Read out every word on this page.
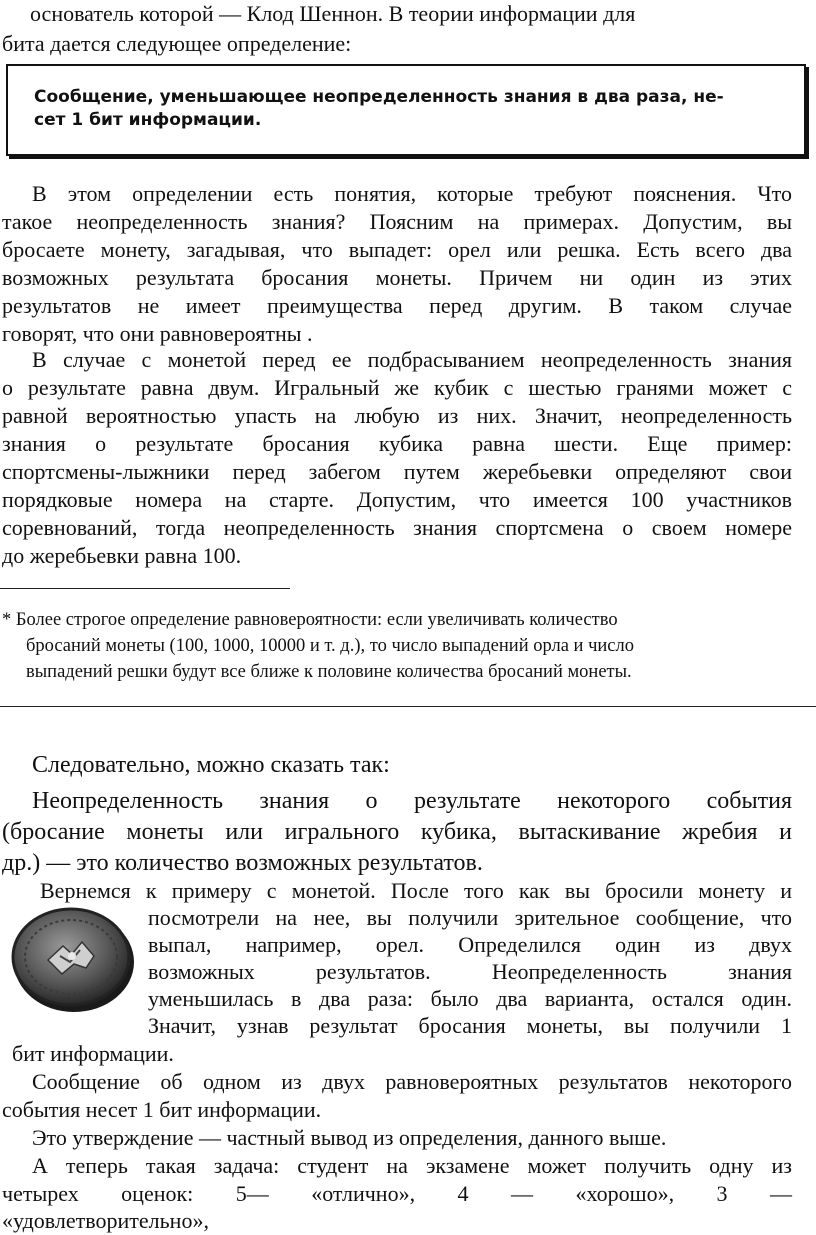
основатель которой — Клод Шеннон. В теории информации для
бита дается следующее определение:
Сообщение, уменьшающее неопределенность знания в два раза, не-
сет 1 бит информации.
В этом определении есть понятия, которые требуют пояснения. Что
такое неопределенность знания? Поясним на примерах. Допустим, вы
бросаете монету, загадывая, что выпадет: орел или решка. Есть всего два
возможных результата бросания монеты. Причем ни один из этих
результатов не имеет преимущества перед другим. В таком случае
говорят, что они равновероятны .
В случае с монетой перед ее подбрасыванием неопределенность знания
о результате равна двум. Игральный же кубик с шестью гранями может с
равной вероятностью упасть на любую из них. Значит, неопределенность
знания о результате бросания кубика равна шести. Еще пример:
спортсмены-лыжники перед забегом путем жеребьевки определяют свои
порядковые номера на старте. Допустим, что имеется 100 участников
соревнований, тогда неопределенность знания спортсмена о своем номере
до жеребьевки равна 100.
* Более строгое определение равновероятности: если увеличивать количество
бросаний монеты (100, 1000, 10000 и т. д.), то число выпадений орла и число
выпадений решки будут все ближе к половине количества бросаний монеты.
Следовательно, можно сказать так:
Неопределенность знания о результате некоторого события
(бросание монеты или игрального кубика, вытаскивание жребия и
др.) — это количество возможных результатов.
Вернемся к примеру с монетой. После того как вы бросили монету и
посмотрели на нее, вы получили зрительное сообщение, что
выпал, например, орел. Определился один из двух
возможных результатов. Неопределенность знания
уменьшилась в два раза: было два варианта, остался один.
Значит, узнав результат бросания монеты, вы получили 1
бит информации.
Сообщение об одном из двух равновероятных результатов некоторого
события несет 1 бит информации.
Это утверждение — частный вывод из определения, данного выше.
А теперь такая задача: студент на экзамене может получить одну из
четырех оценок: 5— «отлично», 4 — «хорошо», 3 —
«удовлетворительно»,
